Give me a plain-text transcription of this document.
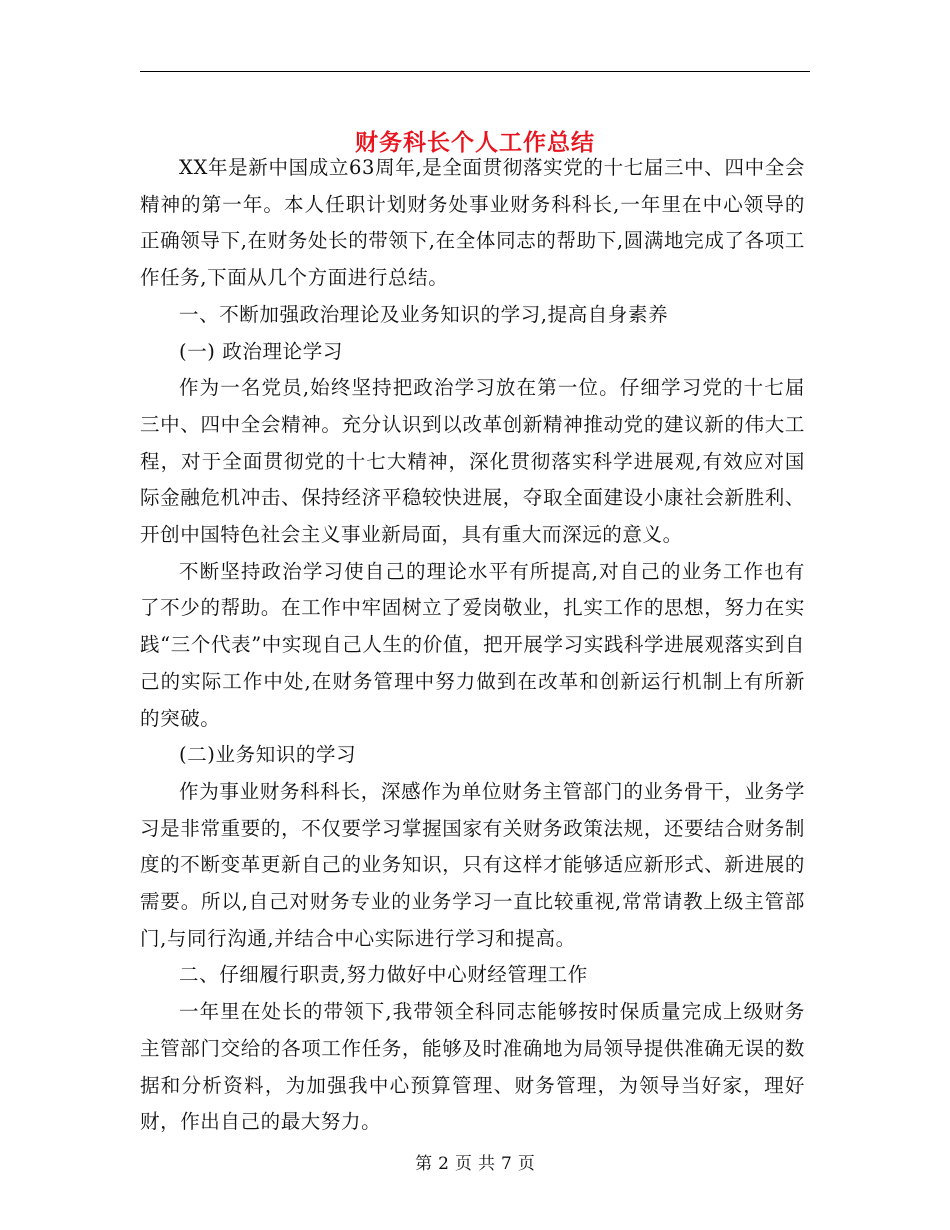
财务科长个人工作总结

XX年是新中国成立63周年,是全面贯彻落实党的十七届三中、四中全会精神的第一年。本人任职计划财务处事业财务科科长,一年里在中心领导的正确领导下,在财务处长的带领下,在全体同志的帮助下,圆满地完成了各项工作任务,下面从几个方面进行总结。

一、不断加强政治理论及业务知识的学习,提高自身素养

(一) 政治理论学习

作为一名党员,始终坚持把政治学习放在第一位。仔细学习党的十七届三中、四中全会精神。充分认识到以改革创新精神推动党的建议新的伟大工程，对于全面贯彻党的十七大精神，深化贯彻落实科学进展观,有效应对国际金融危机冲击、保持经济平稳较快进展，夺取全面建设小康社会新胜利、开创中国特色社会主义事业新局面，具有重大而深远的意义。

不断坚持政治学习使自己的理论水平有所提高,对自己的业务工作也有了不少的帮助。在工作中牢固树立了爱岗敬业，扎实工作的思想，努力在实践“三个代表”中实现自己人生的价值，把开展学习实践科学进展观落实到自己的实际工作中处,在财务管理中努力做到在改革和创新运行机制上有所新的突破。

(二)业务知识的学习

作为事业财务科科长，深感作为单位财务主管部门的业务骨干，业务学习是非常重要的，不仅要学习掌握国家有关财务政策法规，还要结合财务制度的不断变革更新自己的业务知识，只有这样才能够适应新形式、新进展的需要。所以,自己对财务专业的业务学习一直比较重视,常常请教上级主管部门,与同行沟通,并结合中心实际进行学习和提高。

二、仔细履行职责,努力做好中心财经管理工作

一年里在处长的带领下,我带领全科同志能够按时保质量完成上级财务主管部门交给的各项工作任务，能够及时准确地为局领导提供准确无误的数据和分析资料，为加强我中心预算管理、财务管理，为领导当好家，理好财，作出自己的最大努力。

第 2 页 共 7 页
